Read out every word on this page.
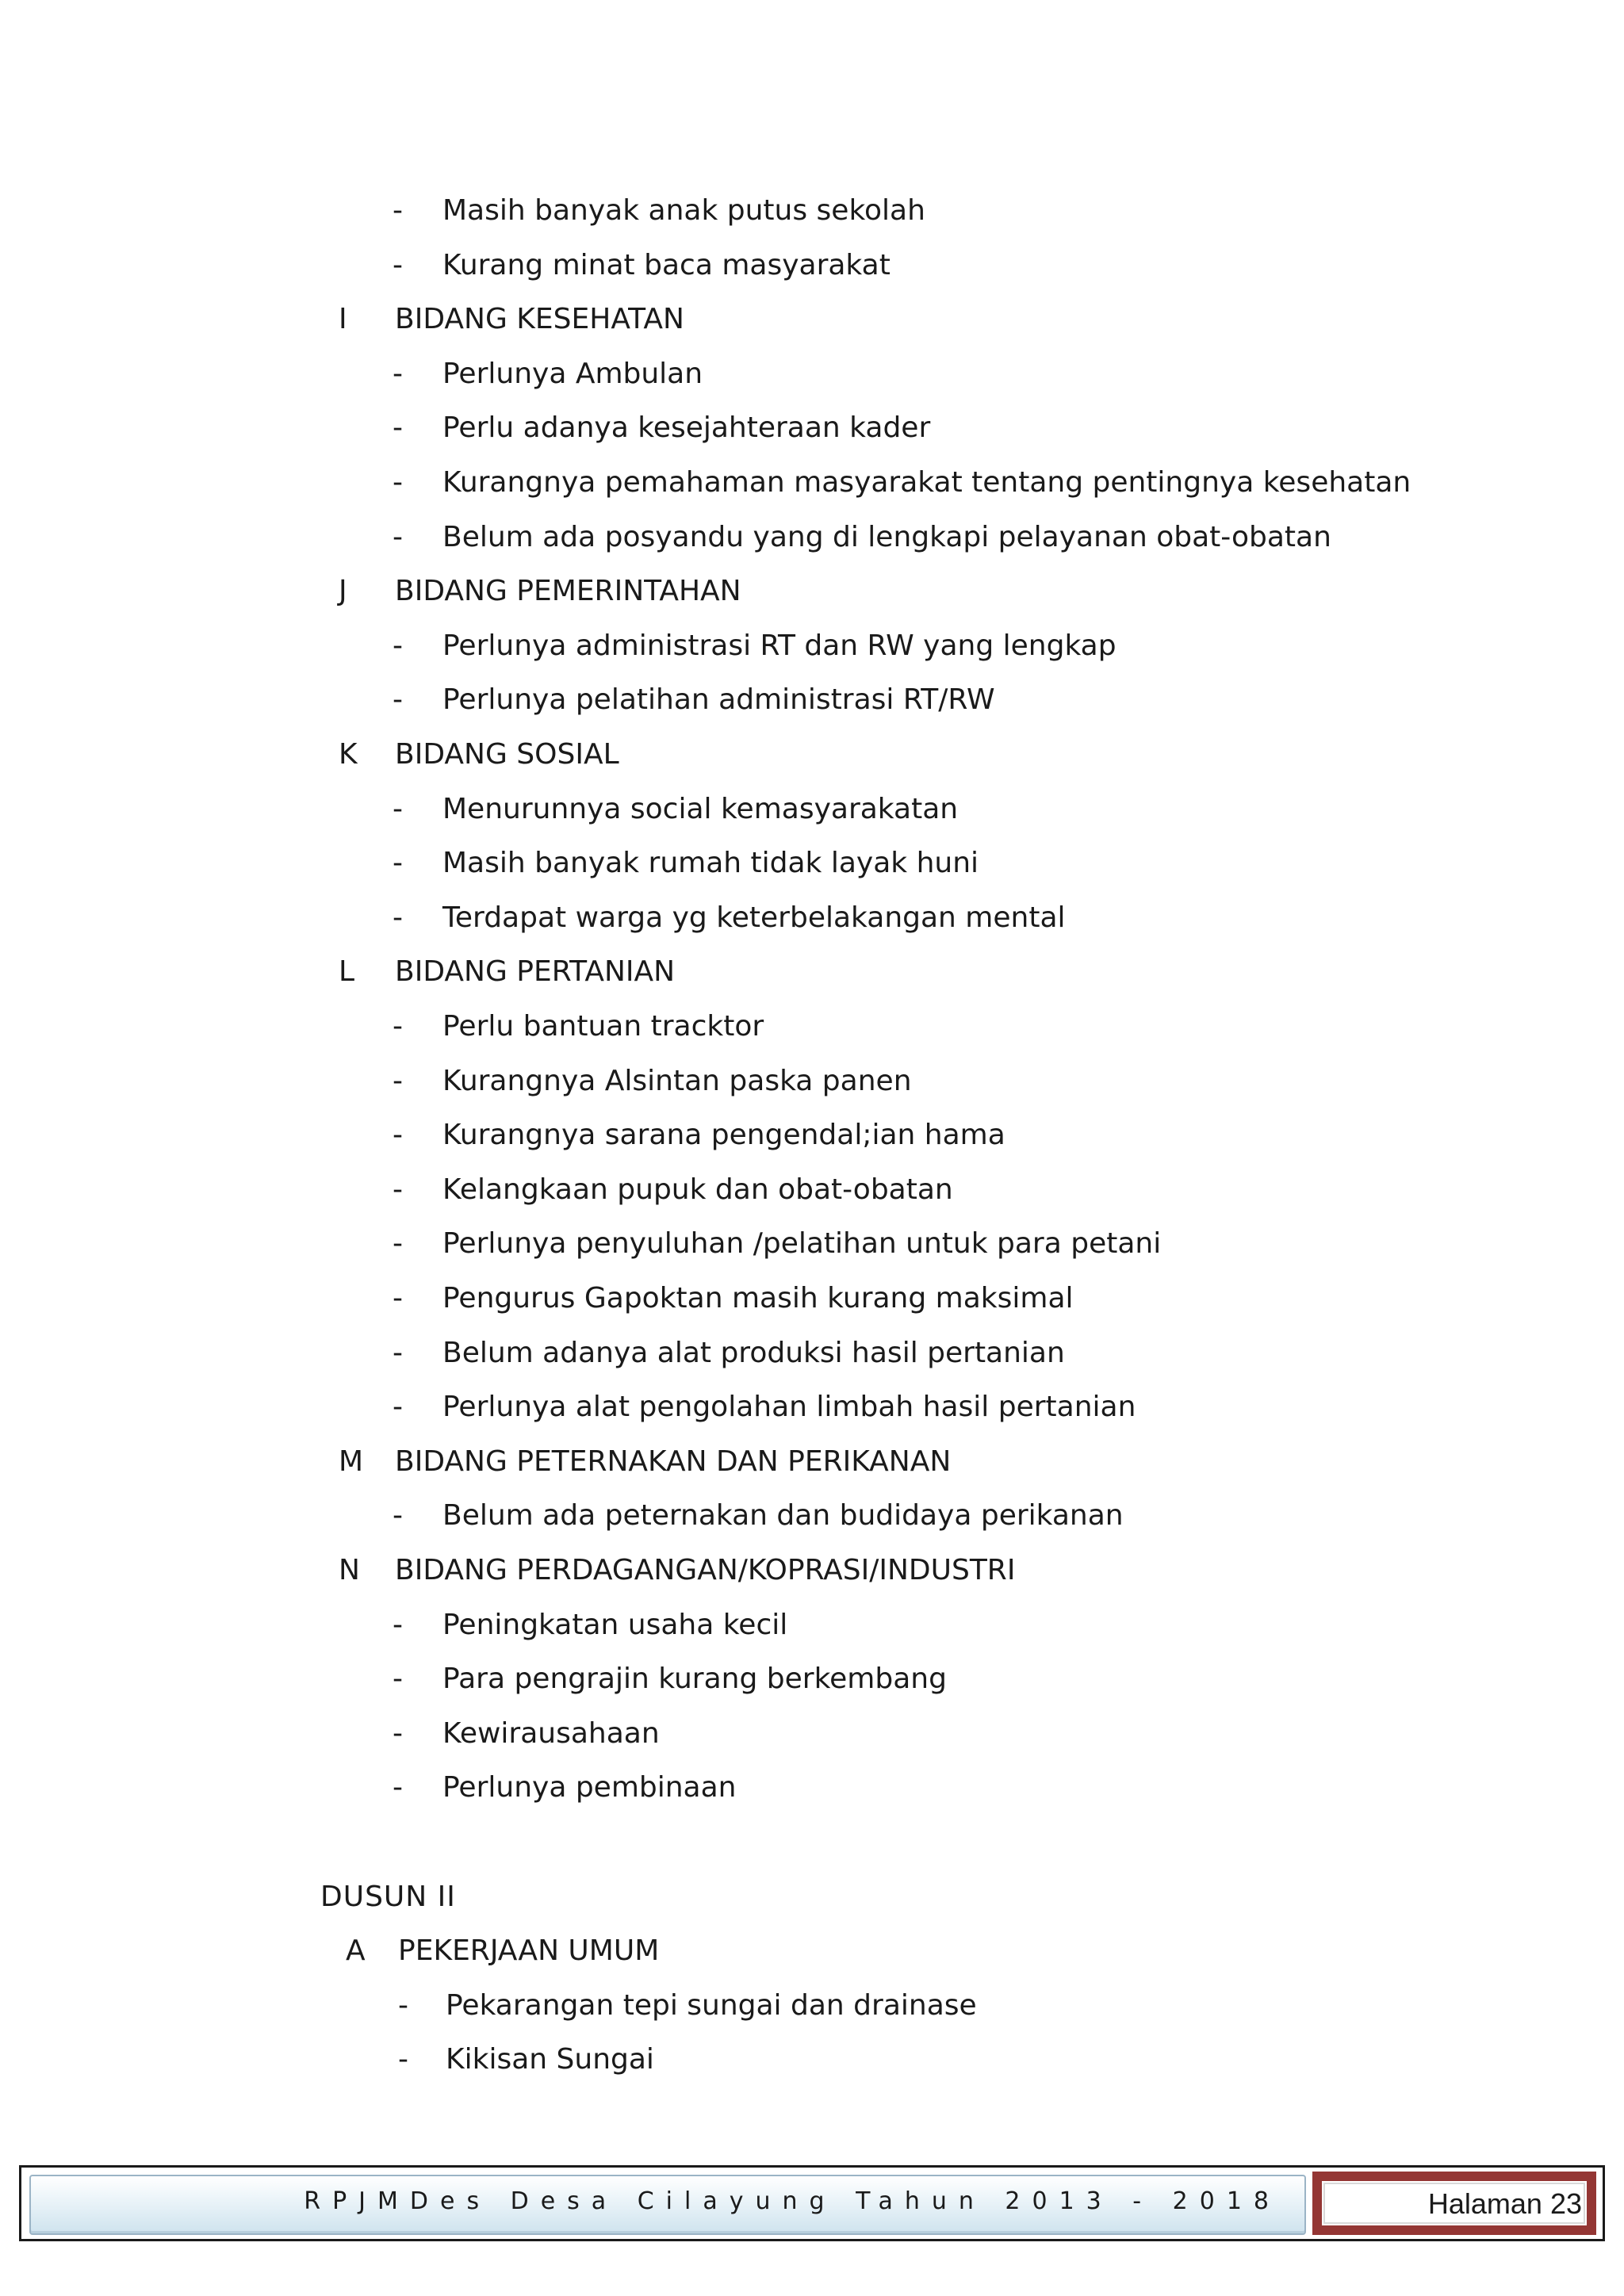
- Masih banyak anak putus sekolah
- Kurang minat baca masyarakat
I BIDANG KESEHATAN
- Perlunya Ambulan
- Perlu adanya kesejahteraan kader
- Kurangnya pemahaman masyarakat tentang pentingnya kesehatan
- Belum ada posyandu yang di lengkapi pelayanan obat-obatan
J BIDANG PEMERINTAHAN
- Perlunya administrasi RT dan RW yang lengkap
- Perlunya pelatihan administrasi RT/RW
K BIDANG SOSIAL
- Menurunnya social kemasyarakatan
- Masih banyak rumah tidak layak huni
- Terdapat warga yg keterbelakangan mental
L BIDANG PERTANIAN
- Perlu bantuan tracktor
- Kurangnya Alsintan paska panen
- Kurangnya sarana pengendal;ian hama
- Kelangkaan pupuk dan obat-obatan
- Perlunya penyuluhan /pelatihan untuk para petani
- Pengurus Gapoktan masih kurang maksimal
- Belum adanya alat produksi hasil pertanian
- Perlunya alat pengolahan limbah hasil pertanian
M BIDANG PETERNAKAN DAN PERIKANAN
- Belum ada peternakan dan budidaya perikanan
N BIDANG PERDAGANGAN/KOPRASI/INDUSTRI
- Peningkatan usaha kecil
- Para pengrajin kurang berkembang
- Kewirausahaan
- Perlunya pembinaan
DUSUN II
A PEKERJAAN UMUM
- Pekarangan tepi sungai dan drainase
- Kikisan Sungai
RPJMDes Desa Cilayung Tahun 2013 - 2018	Halaman 23
